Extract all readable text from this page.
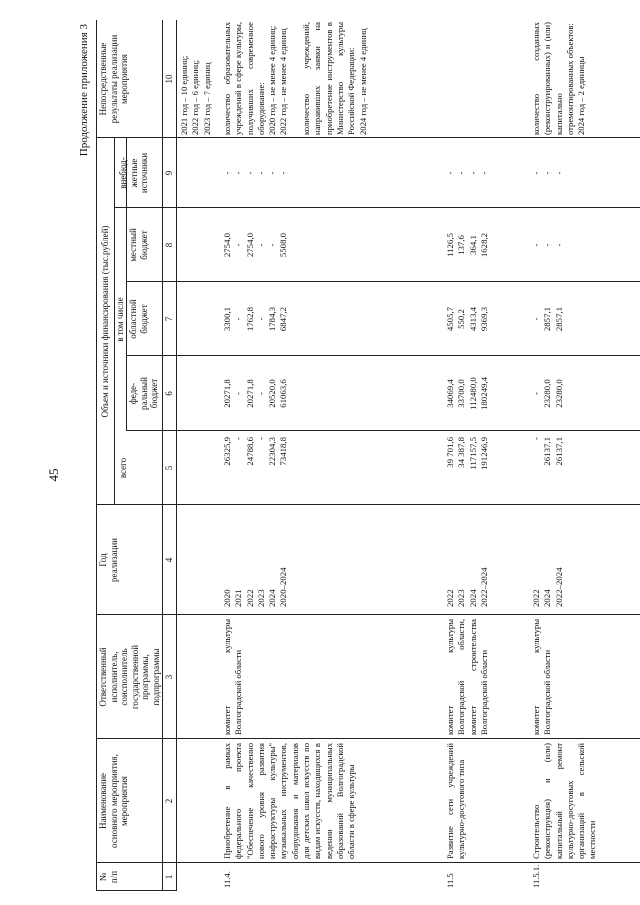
45
Продолжение приложения 3
№
п/п
Наименование
основного мероприятия,
мероприятия
Ответственный
исполнитель,
соисполнитель
государственной
программы,
подпрограммы
Год
реализации
Объем и источники финансирования (тыс.рублей)
всего
в том числе
феде-
ральный
бюджет
областной
бюджет
местный
бюджет
внебюд-
жетные
источники
Непосредственные
результаты реализации
мероприятия
1
2
3
4
5
6
7
8
9
10
2021 год – 10 единиц;
2022 год – 6 единиц;
2023 год – 7 единиц
11.4.
Приобретение в рамках федерального проекта "Обеспечение качественно нового уровня развития инфраструктуры культуры" музыкальных инструментов, оборудования и материалов для детских школ искусств по видам искусств, находящихся в ведении муниципальных образований Волгоградской области в сфере культуры
комитет культуры Волгоградской области
2020
2021
2022
2023
2024
2020–2024
26325,9
-
24788,6
-
22304,3
73418,8
20271,8
-
20271,8
-
20520,0
61063,6
3300,1
-
1762,8
-
1784,3
6847,2
2754,0
-
2754,0
-
-
5508,0
-
-
-
-
-
-
количество образовательных учреждений в сфере культуры, получивших современное оборудование:
2020 год – не менее 4 единиц;
2022 год – не менее 4 единиц

количество учреждений, направивших заявки на приобретение инструментов в Министерство культуры Российской Федерации:
2024 год – не менее 4 единиц
11.5
Развитие сети учреждений культурно-досугового типа
комитет культуры Волгоградской области, комитет строительства Волгоградской области
2022
2023
2024
2022–2024
39 701,6
34 387,8
117157,5
191246,9
34069,4
33700,0
112480,0
180249,4
4505,7
550,2
4313,4
9369,3
1126,5
137,6
364,1
1628,2
-
-
-
-
11.5.1.
Строительство (реконструкция) и (или) капитальный ремонт культурно-досуговых организаций в сельской местности
комитет культуры Волгоградской области
2022
2024
2022–2024
-
26137,1
26137,1
-
23280,0
23280,0
-
2857,1
2857,1
-
-
-
-
-
-
количество созданных (реконструированных) и (или) капитально отремонтированных объектов:
2024 год – 2 единицы
